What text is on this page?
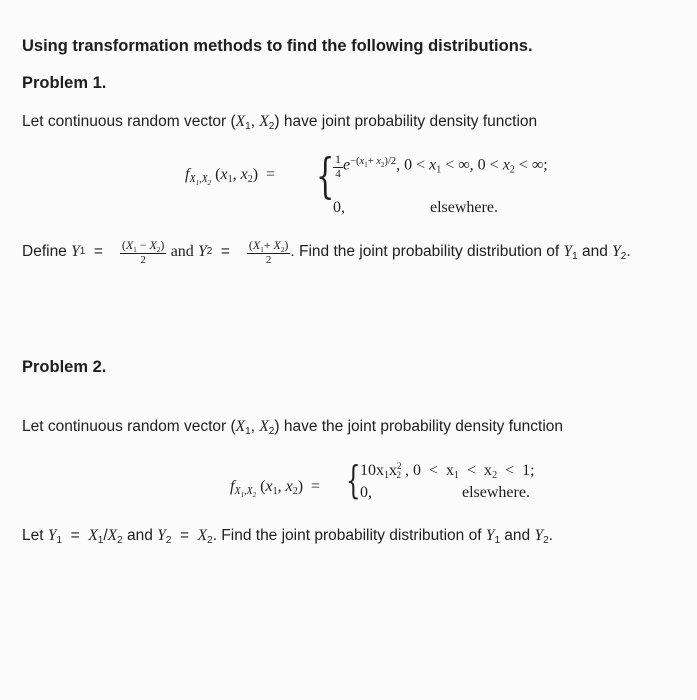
Using transformation methods to find the following distributions.
Problem 1.
Let continuous random vector ($X_1$, $X_2$) have joint probability density function
$f_{X_1,X_2}$ ($x_1$, $x_2$)  = {
$\frac{1}{4} e^{-(x_1+ x_2)/2}$, $0 < x_1$ < ∞, $0 < x_2$ < ∞;
0,	elsewhere.
Define
Y $1 = \frac{(X_1 - X_2)}{2}$
and
Y $2 = \frac{(X_1+ X_2)}{2}$ . Find the joint probability distribution of $Y_1$ and $Y_2$.
Problem 2.
Let continuous random vector ($X_1$, $X_2$) have the joint probability density function
$f_{X_1,X_2}$ ($x_1$, $x_2$)  = { $10x_1x^2_2$ , $0 < x_1 < x_2 < 1$;
0,	elsewhere.
Let $Y_1 = X_1/X_2$ and $Y_2 = X_2$. Find the joint probability distribution of $Y_1$ and $Y_2$.
